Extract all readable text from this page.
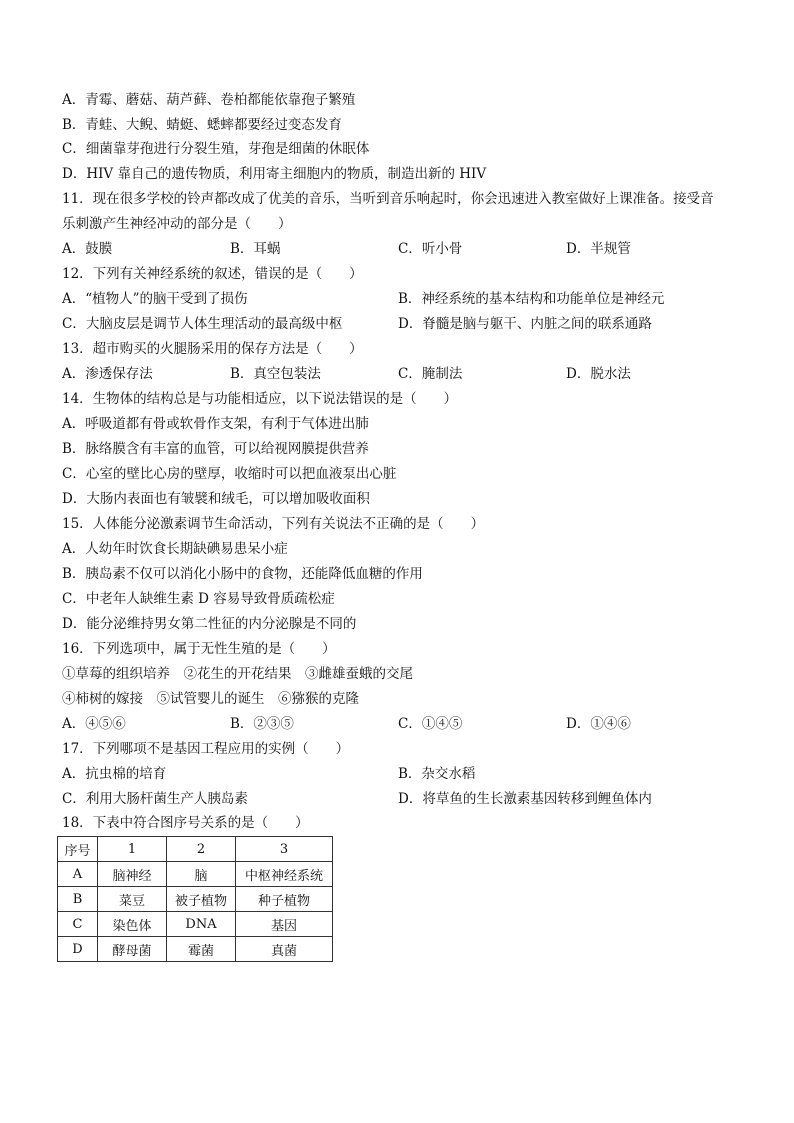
A．青霉、蘑菇、葫芦藓、卷柏都能依靠孢子繁殖
B．青蛙、大鲵、蜻蜓、蟋蟀都要经过变态发育
C．细菌靠芽孢进行分裂生殖，芽孢是细菌的休眠体
D．HIV 靠自己的遗传物质，利用寄主细胞内的物质，制造出新的 HIV
11．现在很多学校的铃声都改成了优美的音乐，当听到音乐响起时，你会迅速进入教室做好上课准备。接受音
乐刺激产生神经冲动的部分是（　　）
A．鼓膜	B．耳蜗	C．听小骨	D．半规管
12．下列有关神经系统的叙述，错误的是（　　）
A．“植物人”的脑干受到了损伤	B．神经系统的基本结构和功能单位是神经元
C．大脑皮层是调节人体生理活动的最高级中枢	D．脊髓是脑与躯干、内脏之间的联系通路
13．超市购买的火腿肠采用的保存方法是（　　）
A．渗透保存法	B．真空包装法	C．腌制法	D．脱水法
14．生物体的结构总是与功能相适应，以下说法错误的是（　　）
A．呼吸道都有骨或软骨作支架，有利于气体进出肺
B．脉络膜含有丰富的血管，可以给视网膜提供营养
C．心室的壁比心房的壁厚，收缩时可以把血液泵出心脏
D．大肠内表面也有皱襞和绒毛，可以增加吸收面积
15．人体能分泌激素调节生命活动，下列有关说法不正确的是（　　）
A．人幼年时饮食长期缺碘易患呆小症
B．胰岛素不仅可以消化小肠中的食物，还能降低血糖的作用
C．中老年人缺维生素 D 容易导致骨质疏松症
D．能分泌维持男女第二性征的内分泌腺是不同的
16．下列选项中，属于无性生殖的是（　　）
①草莓的组织培养　②花生的开花结果　③雌雄蚕蛾的交尾
④柿树的嫁接　⑤试管婴儿的诞生　⑥猕猴的克隆
A．④⑤⑥	B．②③⑤	C．①④⑤	D．①④⑥
17．下列哪项不是基因工程应用的实例（　　）
A．抗虫棉的培育	B．杂交水稻
C．利用大肠杆菌生产人胰岛素	D．将草鱼的生长激素基因转移到鲤鱼体内
18．下表中符合图序号关系的是（　　）
序号	1	2	3
A	脑神经	脑	中枢神经系统
B	菜豆	被子植物	种子植物
C	染色体	DNA	基因
D	酵母菌	霉菌	真菌
